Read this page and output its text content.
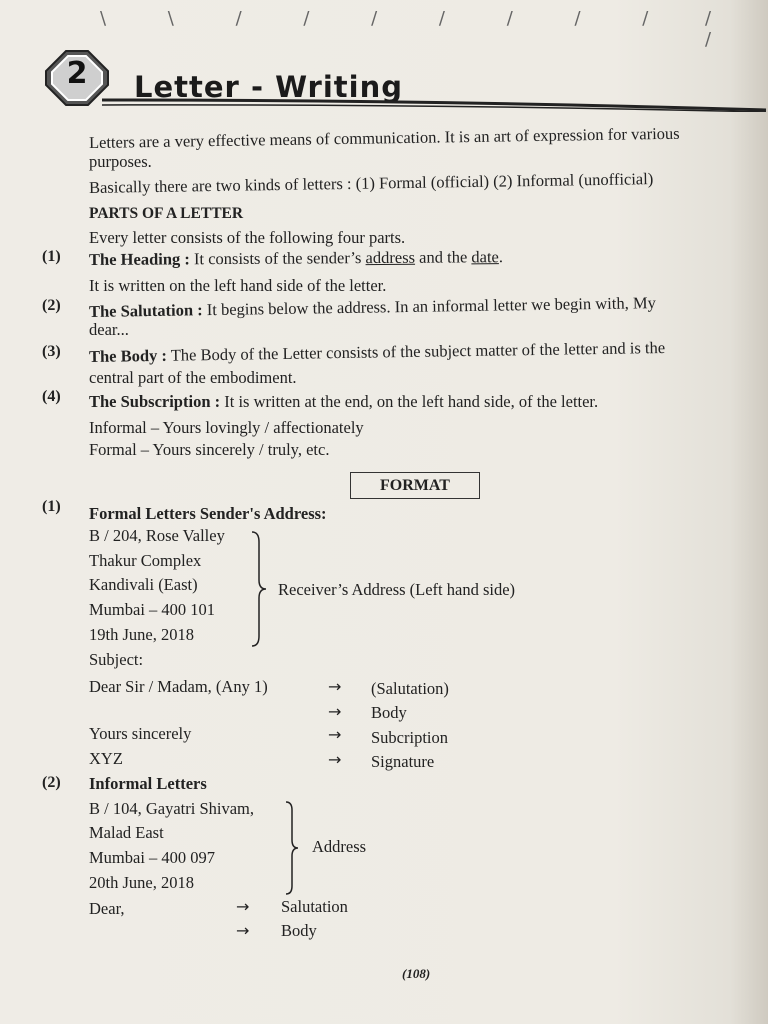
\ \ / / / / / / / / /
2	Letter - Writing
Letters are a very effective means of communication. It is an art of expression for various
purposes.
Basically there are two kinds of letters : (1) Formal (official) (2) Informal (unofficial)
PARTS OF A LETTER
Every letter consists of the following four parts.
(1) The Heading : It consists of the sender’s address and the date.
It is written on the left hand side of the letter.
(2) The Salutation : It begins below the address. In an informal letter we begin with, My
dear...
(3) The Body : The Body of the Letter consists of the subject matter of the letter and is the
central part of the embodiment.
(4) The Subscription : It is written at the end, on the left hand side, of the letter.
Informal – Yours lovingly / affectionately
Formal – Yours sincerely / truly, etc.
FORMAT
(1) Formal Letters Sender's Address:
B / 204, Rose Valley
Thakur Complex
Kandivali (East)
Mumbai – 400 101
19th June, 2018
Receiver’s Address (Left hand side)
Subject:
Dear Sir / Madam, (Any 1)	→ (Salutation)
→ Body
Yours sincerely	→ Subcription
XYZ	→ Signature
(2) Informal Letters
B / 104, Gayatri Shivam,
Malad East
Mumbai – 400 097
20th June, 2018
Address
Dear,	→ Salutation
→ Body
(108)
